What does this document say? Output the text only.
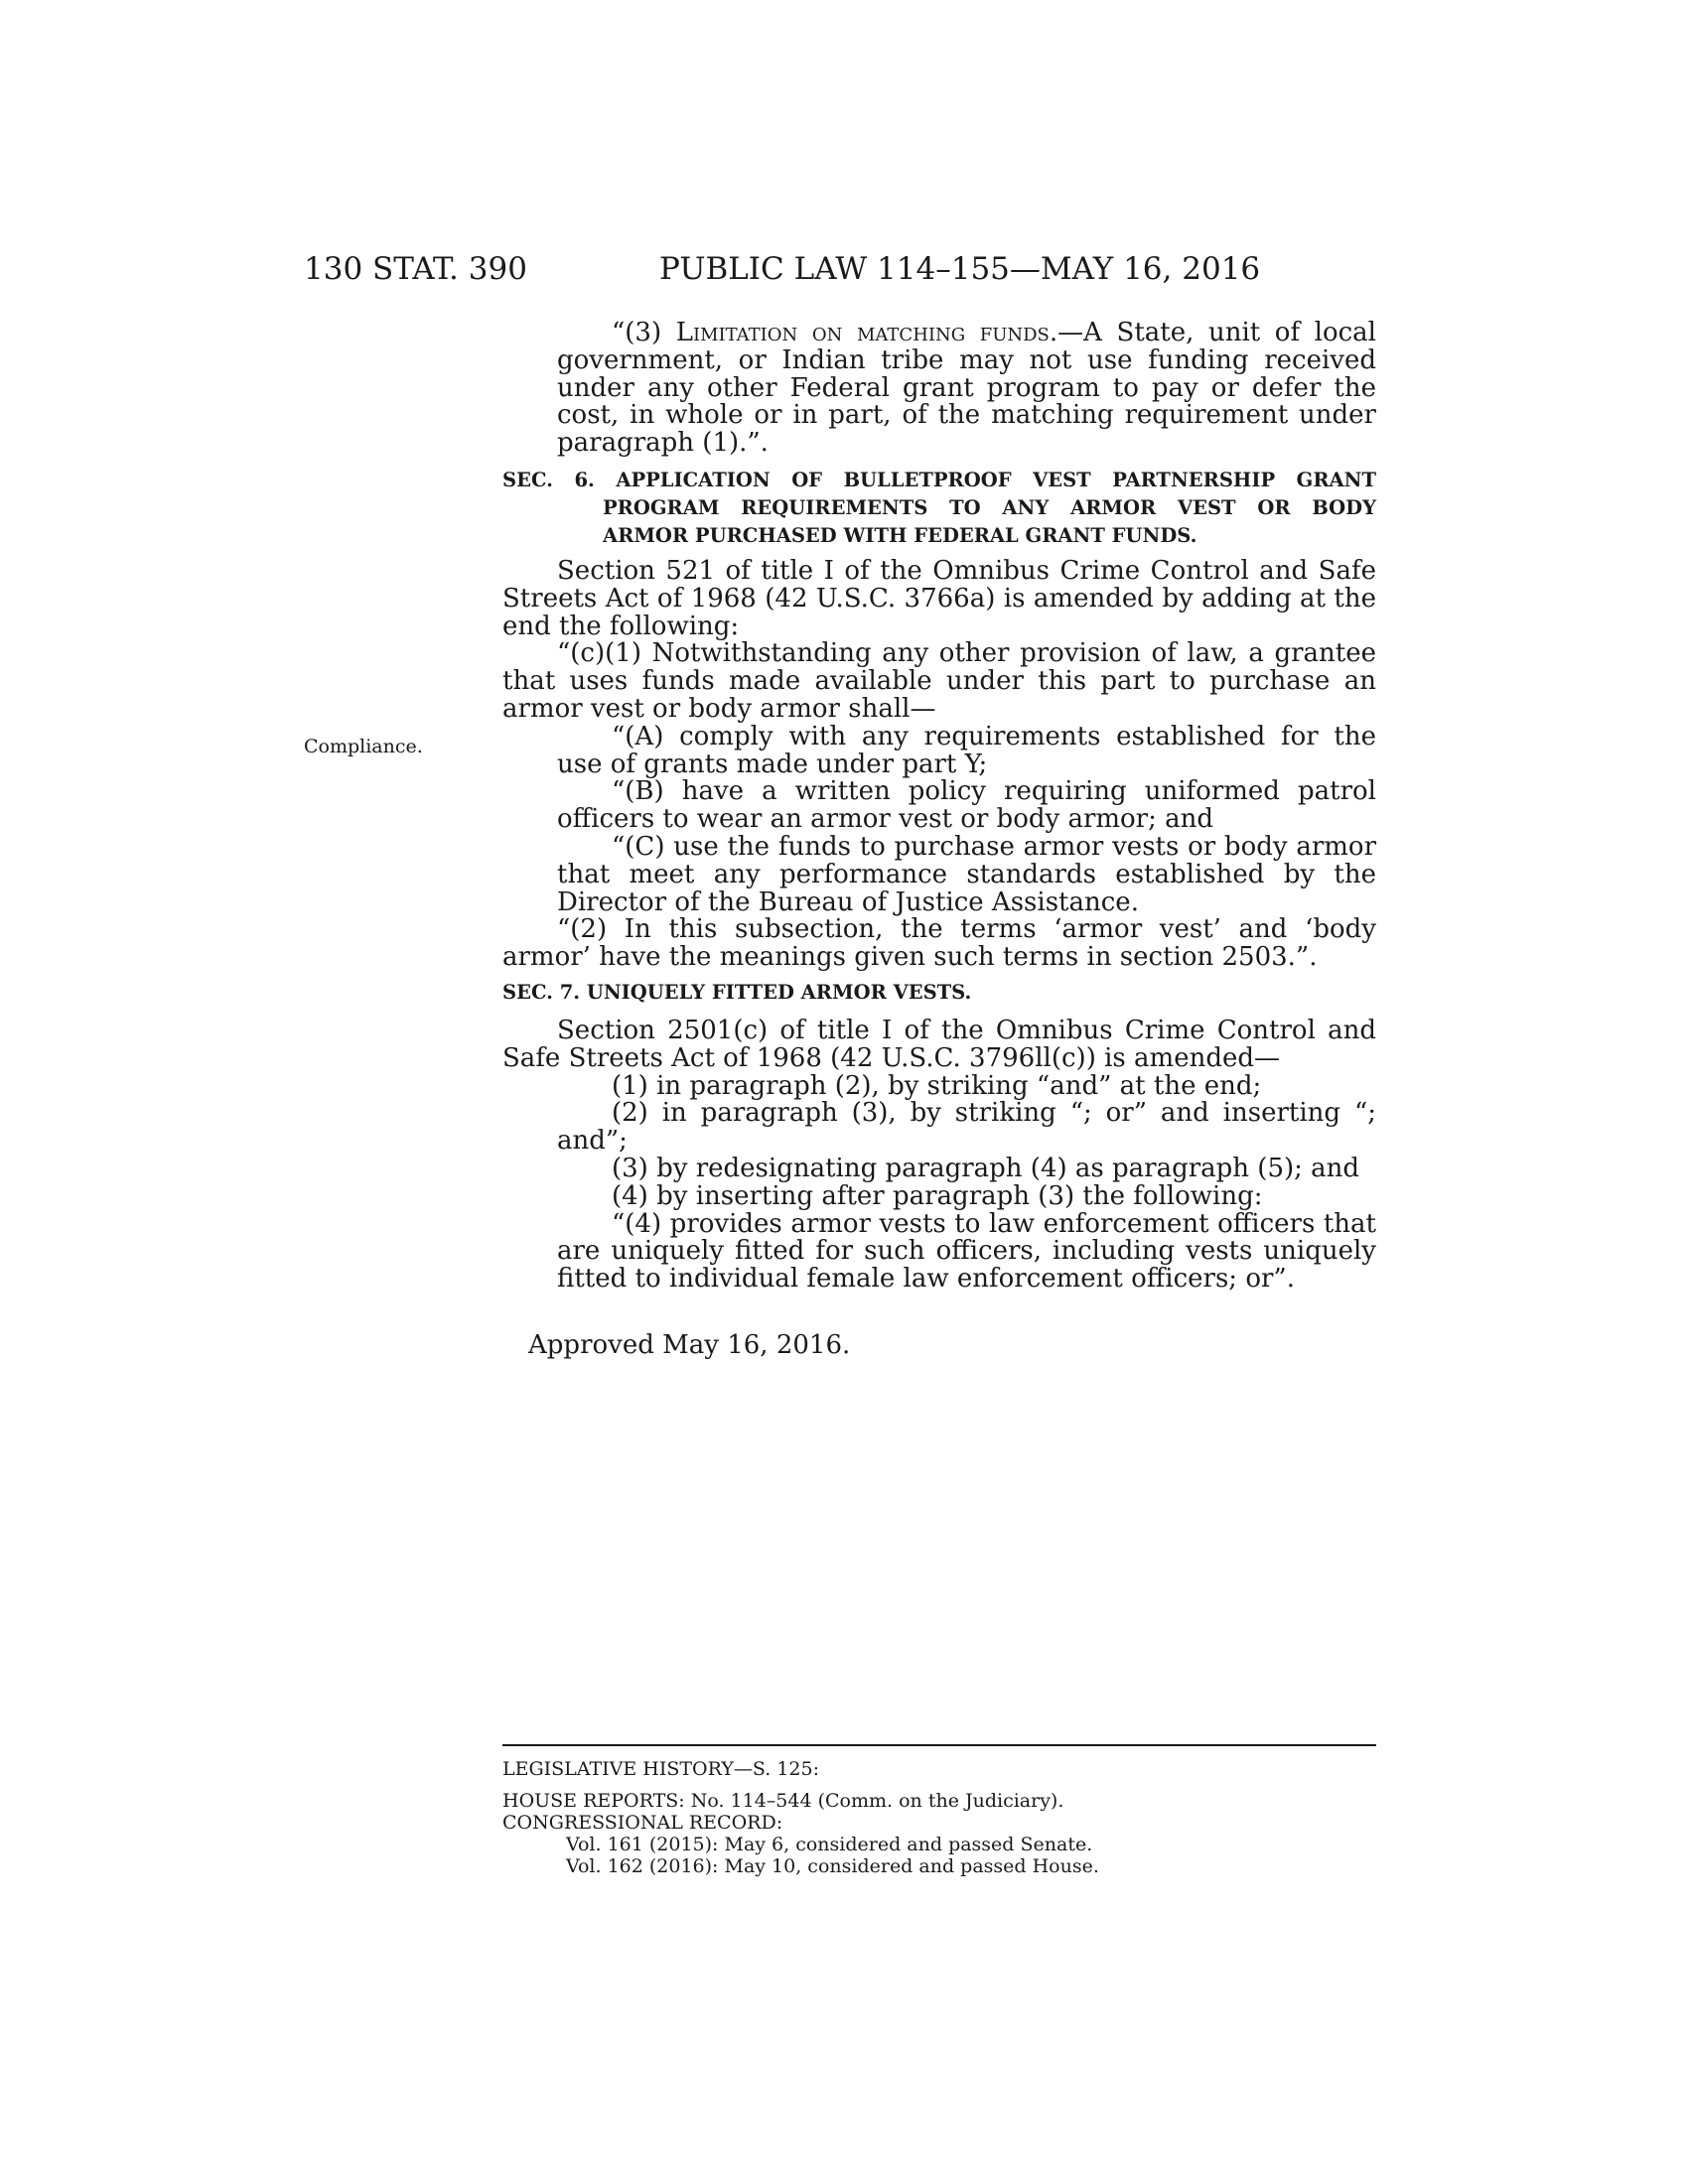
130 STAT. 390	PUBLIC LAW 114–155—MAY 16, 2016

“(3) Limitation on matching funds.—A State, unit of local government, or Indian tribe may not use funding received under any other Federal grant program to pay or defer the cost, in whole or in part, of the matching requirement under paragraph (1).”.

SEC. 6. APPLICATION OF BULLETPROOF VEST PARTNERSHIP GRANT
PROGRAM REQUIREMENTS TO ANY ARMOR VEST OR BODY
ARMOR PURCHASED WITH FEDERAL GRANT FUNDS.

Section 521 of title I of the Omnibus Crime Control and Safe Streets Act of 1968 (42 U.S.C. 3766a) is amended by adding at the end the following:

“(c)(1) Notwithstanding any other provision of law, a grantee that uses funds made available under this part to purchase an armor vest or body armor shall—

“(A) comply with any requirements established for the use of grants made under part Y;

“(B) have a written policy requiring uniformed patrol officers to wear an armor vest or body armor; and

“(C) use the funds to purchase armor vests or body armor that meet any performance standards established by the Director of the Bureau of Justice Assistance.

“(2) In this subsection, the terms ‘armor vest’ and ‘body armor’ have the meanings given such terms in section 2503.”.

Compliance.
SEC. 7. UNIQUELY FITTED ARMOR VESTS.

Section 2501(c) of title I of the Omnibus Crime Control and Safe Streets Act of 1968 (42 U.S.C. 3796ll(c)) is amended—

(1) in paragraph (2), by striking “and” at the end;

(2) in paragraph (3), by striking “; or” and inserting “; and”;

(3) by redesignating paragraph (4) as paragraph (5); and

(4) by inserting after paragraph (3) the following:

“(4) provides armor vests to law enforcement officers that are uniquely fitted for such officers, including vests uniquely fitted to individual female law enforcement officers; or”.

Approved May 16, 2016.

LEGISLATIVE HISTORY—S. 125:

HOUSE REPORTS: No. 114–544 (Comm. on the Judiciary).

CONGRESSIONAL RECORD:

Vol. 161 (2015): May 6, considered and passed Senate.

Vol. 162 (2016): May 10, considered and passed House.
